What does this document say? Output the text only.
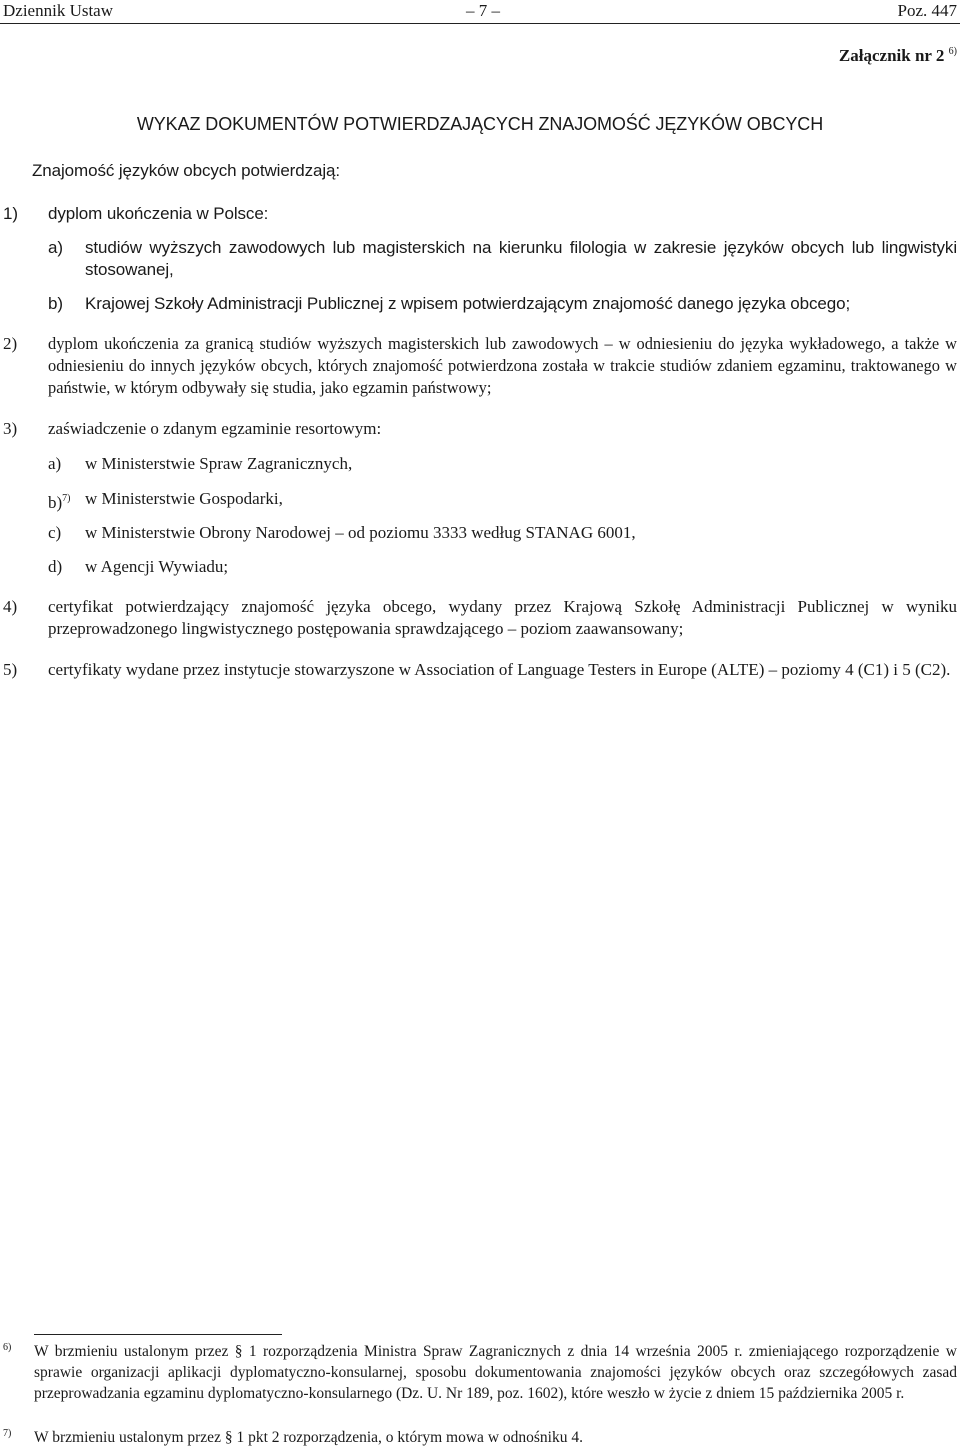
Dziennik Ustaw	– 7 –	Poz. 447
Załącznik nr 2 $^{6)}$
WYKAZ DOKUMENTÓW POTWIERDZAJĄCYCH ZNAJOMOŚĆ JĘZYKÓW OBCYCH
Znajomość języków obcych potwierdzają:
1) dyplom ukończenia w Polsce:
a) studiów wyższych zawodowych lub magisterskich na kierunku filologia w zakresie języków obcych lub lingwistyki stosowanej,
b) Krajowej Szkoły Administracji Publicznej z wpisem potwierdzającym znajomość danego języka obcego;
2) dyplom ukończenia za granicą studiów wyższych magisterskich lub zawodowych – w odniesieniu do języka wykładowego, a także w odniesieniu do innych języków obcych, których znajomość potwierdzona została w trakcie studiów zdaniem egzaminu, traktowanego w państwie, w którym odbywały się studia, jako egzamin państwowy;
3) zaświadczenie o zdanym egzaminie resortowym:
a) w Ministerstwie Spraw Zagranicznych,
b)$^{7)}$ w Ministerstwie Gospodarki,
c) w Ministerstwie Obrony Narodowej – od poziomu 3333 według STANAG 6001,
d) w Agencji Wywiadu;
4) certyfikat potwierdzający znajomość języka obcego, wydany przez Krajową Szkołę Administracji Publicznej w wyniku przeprowadzonego lingwistycznego postępowania sprawdzającego – poziom zaawansowany;
5) certyfikaty wydane przez instytucje stowarzyszone w Association of Language Testers in Europe (ALTE) – poziomy 4 (C1) i 5 (C2).
6) W brzmieniu ustalonym przez § 1 rozporządzenia Ministra Spraw Zagranicznych z dnia 14 września 2005 r. zmieniającego rozporządzenie w sprawie organizacji aplikacji dyplomatyczno-konsularnej, sposobu dokumentowania znajomości języków obcych oraz szczegółowych zasad przeprowadzania egzaminu dyplomatyczno-konsularnego (Dz. U. Nr 189, poz. 1602), które weszło w życie z dniem 15 października 2005 r.
7) W brzmieniu ustalonym przez § 1 pkt 2 rozporządzenia, o którym mowa w odnośniku 4.
